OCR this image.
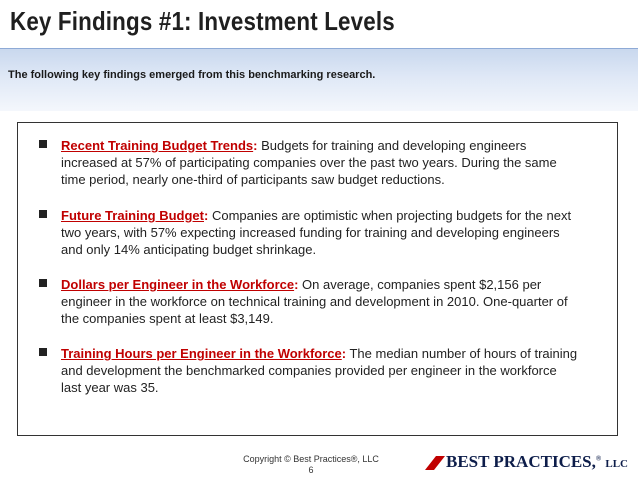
Key Findings #1: Investment Levels
The following key findings emerged from this benchmarking research.
Recent Training Budget Trends: Budgets for training and developing engineers increased at 57% of participating companies over the past two years. During the same time period, nearly one-third of participants saw budget reductions.
Future Training Budget: Companies are optimistic when projecting budgets for the next two years, with 57% expecting increased funding for training and developing engineers and only 14% anticipating budget shrinkage.
Dollars per Engineer in the Workforce: On average, companies spent $2,156 per engineer in the workforce on technical training and development in 2010. One-quarter of the companies spent at least $3,149.
Training Hours per Engineer in the Workforce: The median number of hours of training and development the benchmarked companies provided per engineer in the workforce last year was 35.
Copyright © Best Practices®, LLC
6	BEST PRACTICES,® LLC
